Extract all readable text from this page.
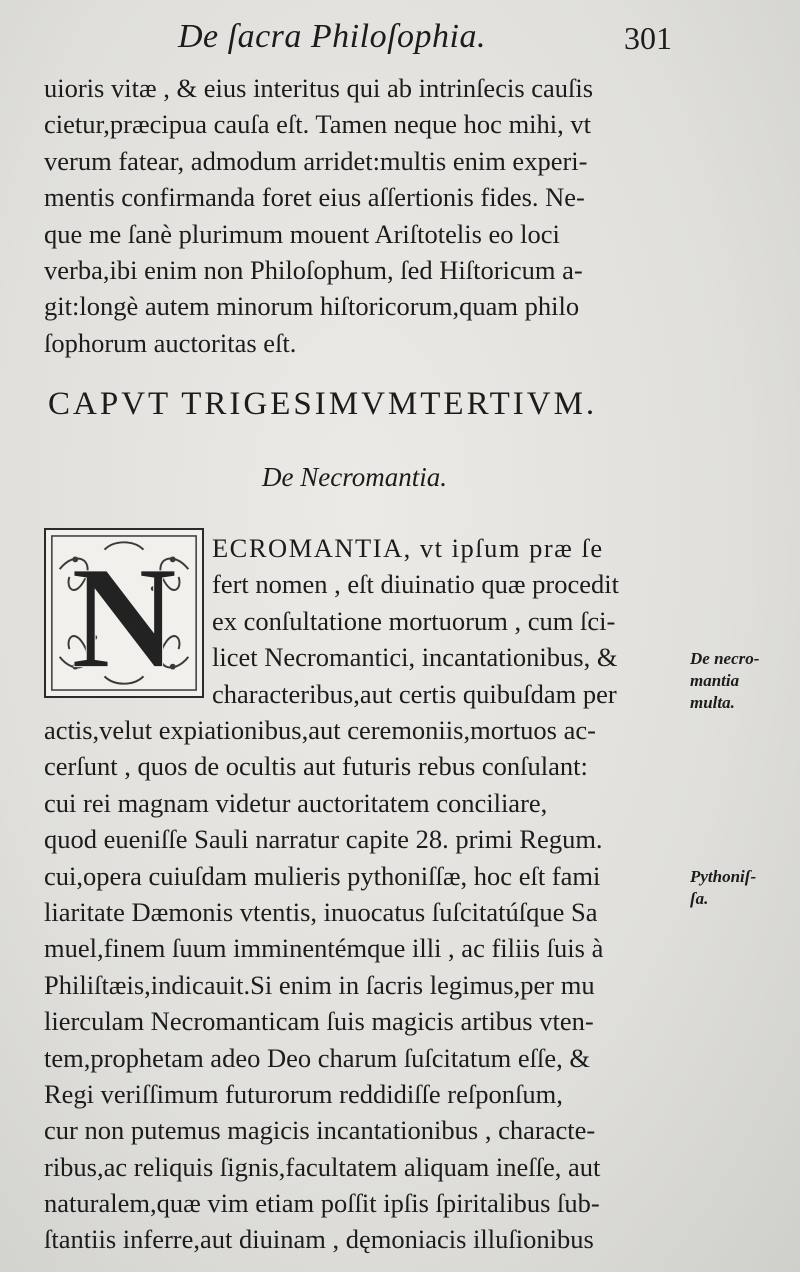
De ſacra Philoſophia.	301
uioris vitæ , & eius interitus qui ab intrinſecis cauſis
cietur,præcipua cauſa eſt. Tamen neque hoc mihi, vt
verum fatear, admodum arridet:multis enim experi-
mentis confirmanda foret eius aſſertionis fides. Ne-
que me ſanè plurimum mouent Ariſtotelis eo loci
verba,ibi enim non Philoſophum, ſed Hiſtoricum a-
git:longè autem minorum hiſtoricorum,quam philo
ſophorum auctoritas eſt.
CAPVT TRIGESIMVMTERTIVM.
De Necromantia.
N ECROMANTIA, vt ipſum præ ſe
fert nomen , eſt diuinatio quæ procedit
ex conſultatione mortuorum , cum ſci-
licet Necromantici, incantationibus, &
characteribus,aut certis quibuſdam per
actis,velut expiationibus,aut ceremoniis,mortuos ac-
cerſunt , quos de ocultis aut futuris rebus conſulant:
cui rei magnam videtur auctoritatem conciliare,
quod eueniſſe Sauli narratur capite 28. primi Regum.
cui,opera cuiuſdam mulieris pythoniſſæ, hoc eſt fami
liaritate Dæmonis vtentis, inuocatus ſuſcitatúſque Sa
muel,finem ſuum imminentémque illi , ac filiis ſuis à
Philiſtæis,indicauit.Si enim in ſacris legimus,per mu
lierculam Necromanticam ſuis magicis artibus vten-
tem,prophetam adeo Deo charum ſuſcitatum eſſe, &
Regi veriſſimum futurorum reddidiſſe reſponſum,
cur non putemus magicis incantationibus , characte-
ribus,ac reliquis ſignis,facultatem aliquam ineſſe, aut
naturalem,quæ vim etiam poſſit ipſis ſpiritalibus ſub-
ſtantiis inferre,aut diuinam , dęmoniacis illuſionibus
De necro-
mantia
multa.
Pythoniſ-
ſa.
